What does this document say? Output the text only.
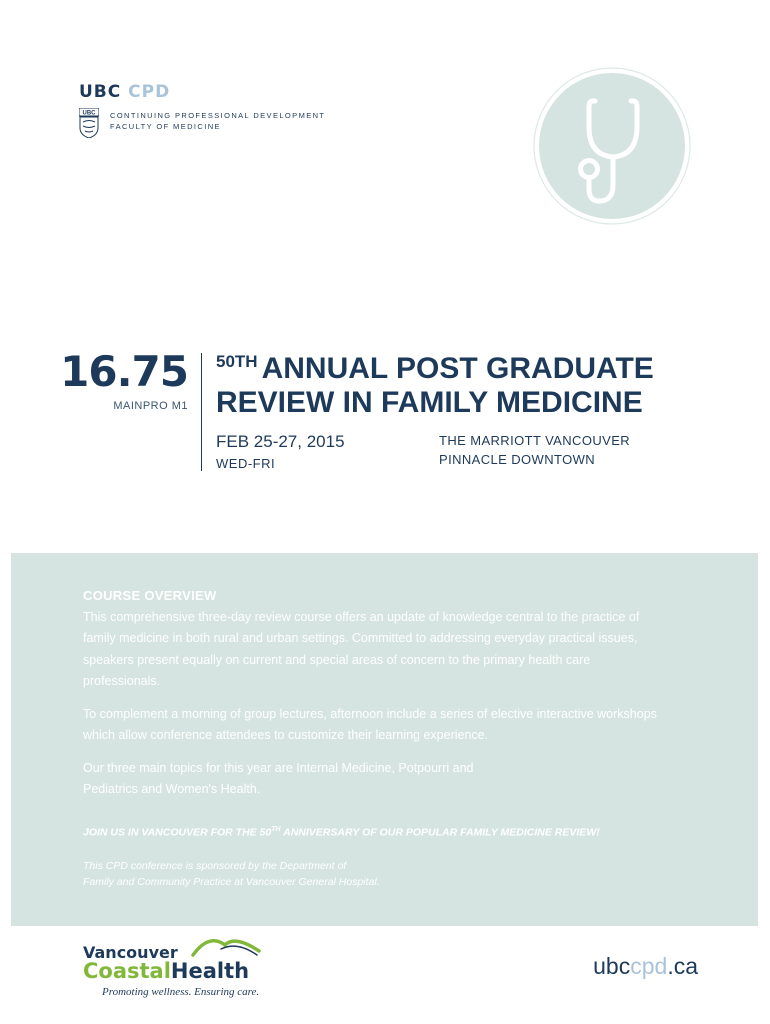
UBC CPD
UBC CONTINUING PROFESSIONAL DEVELOPMENT
FACULTY OF MEDICINE
16.75
MAINPRO M1
$^{50TH}$ ANNUAL POST GRADUATE
REVIEW IN FAMILY MEDICINE
FEB 25-27, 2015
WED-FRI
THE MARRIOTT VANCOUVER
PINNACLE DOWNTOWN
COURSE OVERVIEW

This comprehensive three-day review course offers an update of knowledge central to the practice of family medicine in both rural and urban settings. Committed to addressing everyday practical issues, speakers present equally on current and special areas of concern to the primary health care professionals.

To complement a morning of group lectures, afternoon include a series of elective interactive workshops which allow conference attendees to customize their learning experience.

Our three main topics for this year are Internal Medicine, Potpourri and
Pediatrics and Women's Health.

JOIN US IN VANCOUVER FOR THE 50TH ANNIVERSARY OF OUR POPULAR FAMILY MEDICINE REVIEW!
This CPD conference is sponsored by the Department of
Family and Community Practice at Vancouver General Hospital.
Vancouver
CoastalHealth
Promoting wellness. Ensuring care.
ubccpd.ca
